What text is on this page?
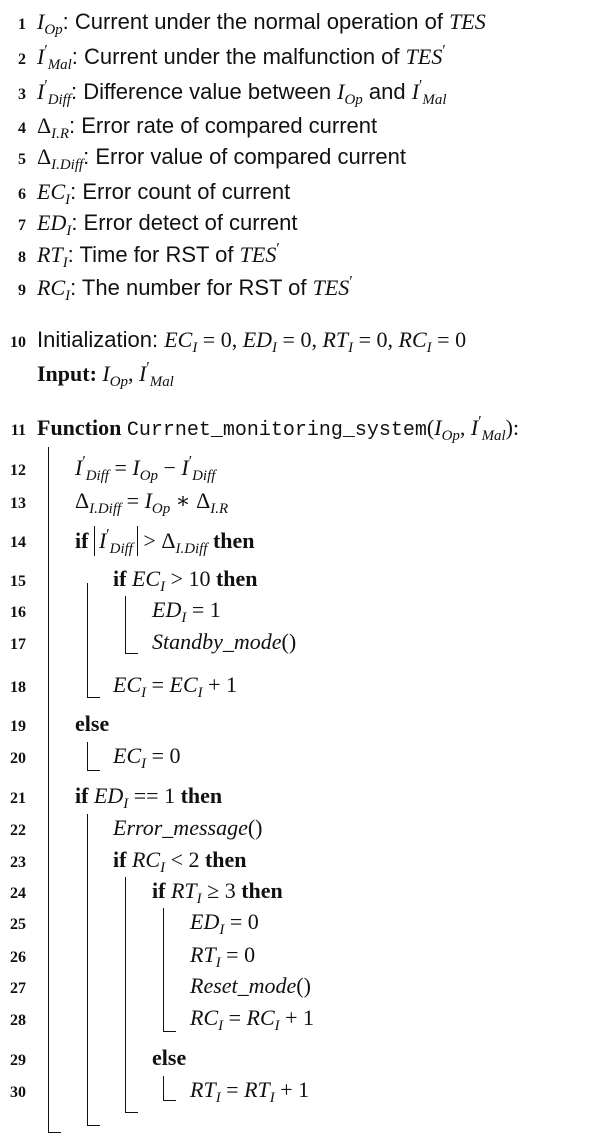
1 $I_{Op}$: Current under the normal operation of TES
2 $I'_{Mal}$: Current under the malfunction of TES′
3 $I'_{Diff}$: Difference value between $I_{Op}$ and $I'_{Mal}$
4 $\Delta_{I.R}$: Error rate of compared current
5 $\Delta_{I.Diff}$: Error value of compared current
6 $EC_I$: Error count of current
7 $ED_I$: Error detect of current
8 $RT_I$: Time for RST of TES′
9 $RC_I$: The number for RST of TES′
10 Initialization: $EC_I = 0$, $ED_I = 0$, $RT_I = 0$, $RC_I = 0$
Input: $I_{Op}$, $I'_{Mal}$
11 Function $Currnet\_monitoring\_system(I_{Op}$, $I'_{Mal}$):
12 $I'_{Diff} = I_{Op} - I'_{Diff}$
13 $\Delta_{I.Diff} = I_{Op}$ ∗ $\Delta_{I.R}$
14 if $I'_{Diff} > \Delta_{I.Diff}$ then
15	if $EC_I > 10$ then
16	$ED_I = 1$
17	Standby_mode()
18	$EC_I = EC_I + 1$
19 else
20	$EC_I = 0$
21 if $ED_I == 1$ then
22	Error_message()
23	if $RC_I < 2$ then
24	if $RT_I \ge 3$ then
25	$ED_I = 0$
26	$RT_I = 0$
27	Reset_mode()
28	$RC_I = RC_I + 1$
29	else
30	$RT_I = RT_I + 1$
